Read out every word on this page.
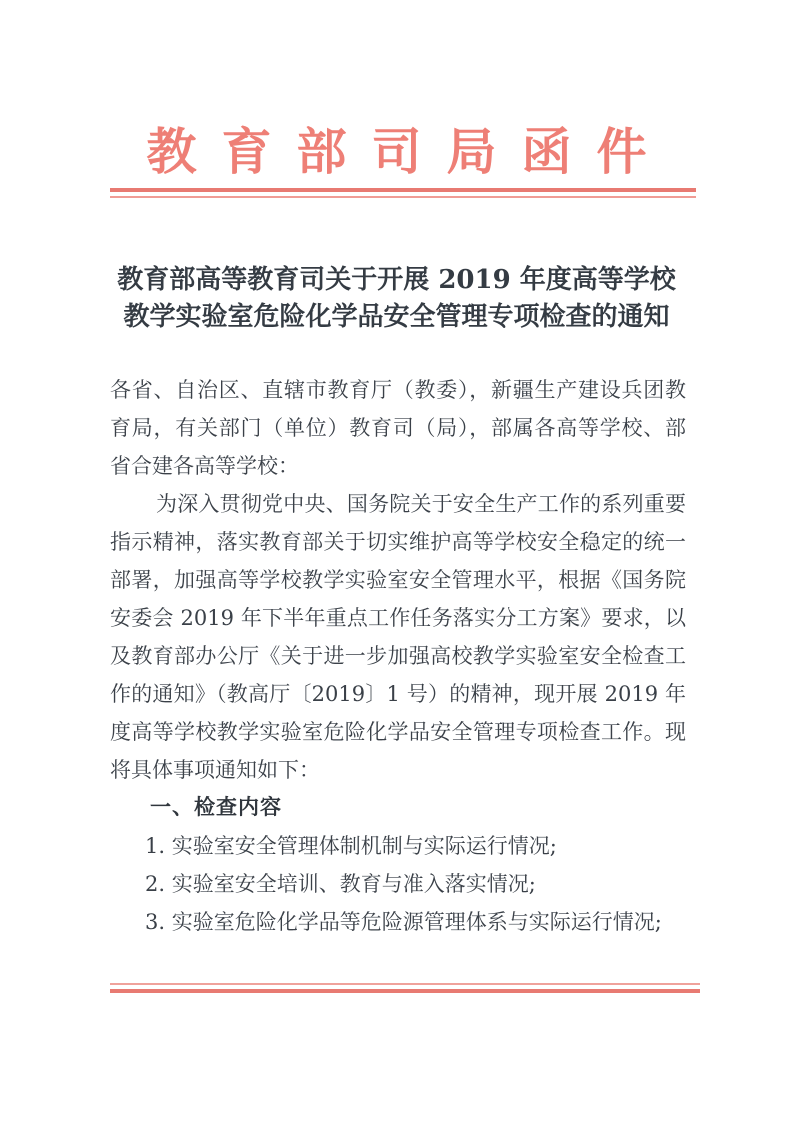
教育部司局函件
教育部高等教育司关于开展 2019 年度高等学校
教学实验室危险化学品安全管理专项检查的通知
各省、自治区、直辖市教育厅（教委），新疆生产建设兵团教
育局，有关部门（单位）教育司（局），部属各高等学校、部
省合建各高等学校：
为深入贯彻党中央、国务院关于安全生产工作的系列重要
指示精神，落实教育部关于切实维护高等学校安全稳定的统一
部署，加强高等学校教学实验室安全管理水平，根据《国务院
安委会 2019 年下半年重点工作任务落实分工方案》要求，以
及教育部办公厅《关于进一步加强高校教学实验室安全检查工
作的通知》（教高厅〔2019〕1 号）的精神，现开展 2019 年
度高等学校教学实验室危险化学品安全管理专项检查工作。现
将具体事项通知如下：
一、检查内容
1. 实验室安全管理体制机制与实际运行情况;
2. 实验室安全培训、教育与准入落实情况;
3. 实验室危险化学品等危险源管理体系与实际运行情况;
